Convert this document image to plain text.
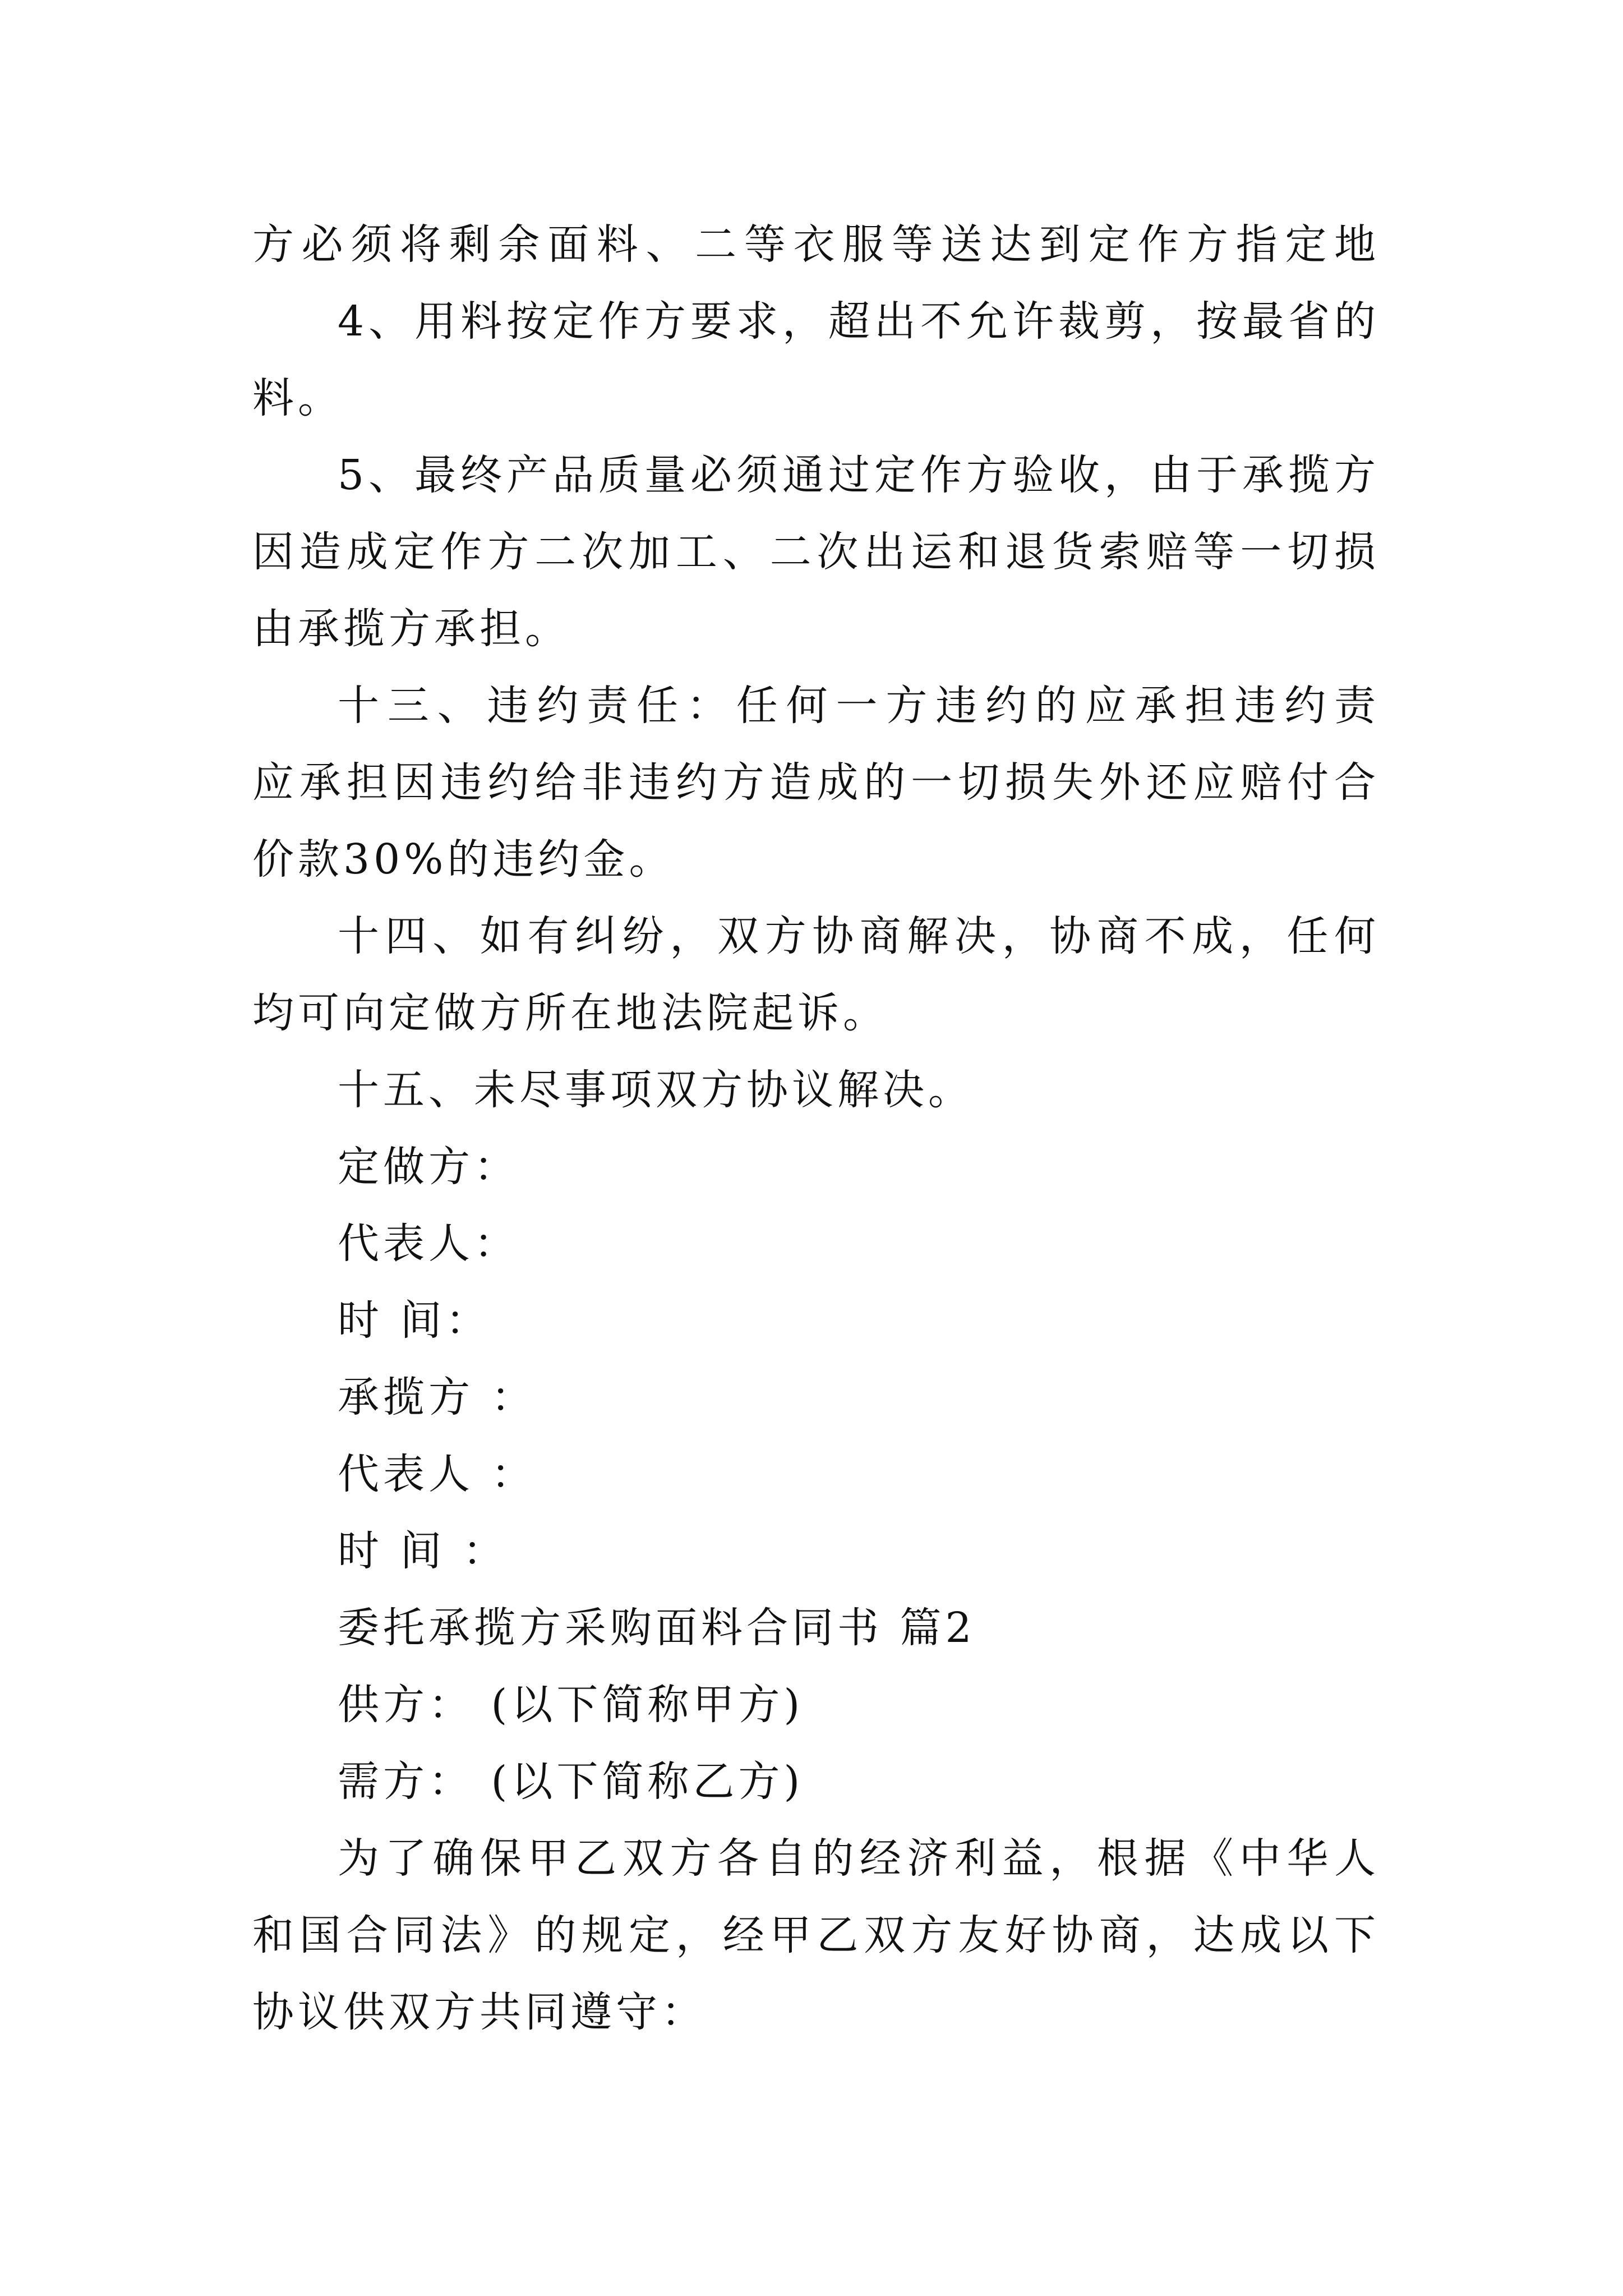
方必须将剩余面料、二等衣服等送达到定作方指定地
4、用料按定作方要求，超出不允许裁剪，按最省的
料。
5、最终产品质量必须通过定作方验收，由于承揽方
因造成定作方二次加工、二次出运和退货索赔等一切损
由承揽方承担。
十三、违约责任：任何一方违约的应承担违约责
应承担因违约给非违约方造成的一切损失外还应赔付合
价款30%的违约金。
十四、如有纠纷，双方协商解决，协商不成，任何
均可向定做方所在地法院起诉。
十五、未尽事项双方协议解决。
定做方：
代表人：
时 间：
承揽方 ：
代表人 ：
时 间 ：
委托承揽方采购面料合同书 篇2
供方： (以下简称甲方)
需方： (以下简称乙方)
为了确保甲乙双方各自的经济利益，根据《中华人
和国合同法》的规定，经甲乙双方友好协商，达成以下
协议供双方共同遵守：
